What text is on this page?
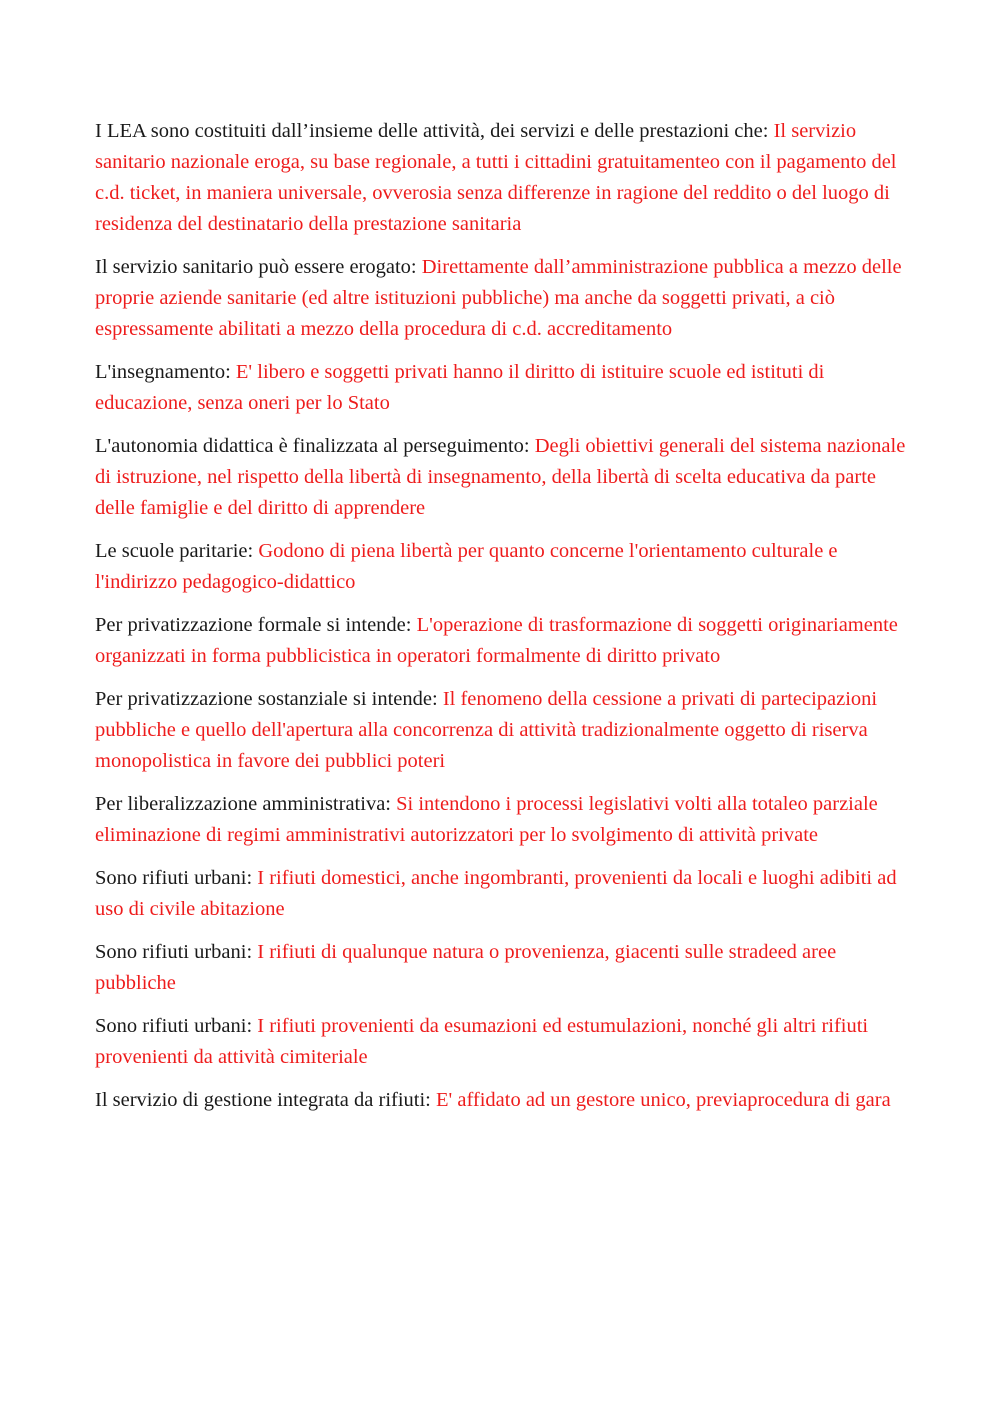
I LEA sono costituiti dall’insieme delle attività, dei servizi e delle prestazioni che: Il servizio sanitario nazionale eroga, su base regionale, a tutti i cittadini gratuitamenteo con il pagamento del c.d. ticket, in maniera universale, ovverosia senza differenze in ragione del reddito o del luogo di residenza del destinatario della prestazione sanitaria

Il servizio sanitario può essere erogato: Direttamente dall’amministrazione pubblica a mezzo delle proprie aziende sanitarie (ed altre istituzioni pubbliche) ma anche da soggetti privati, a ciò espressamente abilitati a mezzo della procedura di c.d. accreditamento

L'insegnamento: E' libero e soggetti privati hanno il diritto di istituire scuole ed istituti di educazione, senza oneri per lo Stato

L'autonomia didattica è finalizzata al perseguimento: Degli obiettivi generali del sistema nazionale di istruzione, nel rispetto della libertà di insegnamento, della libertà di scelta educativa da parte delle famiglie e del diritto di apprendere

Le scuole paritarie: Godono di piena libertà per quanto concerne l'orientamento culturale e l'indirizzo pedagogico-didattico

Per privatizzazione formale si intende: L'operazione di trasformazione di soggetti originariamente organizzati in forma pubblicistica in operatori formalmente di diritto privato

Per privatizzazione sostanziale si intende: Il fenomeno della cessione a privati di partecipazioni pubbliche e quello dell'apertura alla concorrenza di attività tradizionalmente oggetto di riserva monopolistica in favore dei pubblici poteri

Per liberalizzazione amministrativa: Si intendono i processi legislativi volti alla totaleo parziale eliminazione di regimi amministrativi autorizzatori per lo svolgimento di attività private

Sono rifiuti urbani: I rifiuti domestici, anche ingombranti, provenienti da locali e luoghi adibiti ad uso di civile abitazione

Sono rifiuti urbani: I rifiuti di qualunque natura o provenienza, giacenti sulle stradeed aree pubbliche

Sono rifiuti urbani: I rifiuti provenienti da esumazioni ed estumulazioni, nonché gli altri rifiuti provenienti da attività cimiteriale

Il servizio di gestione integrata da rifiuti: E' affidato ad un gestore unico, previaprocedura di gara
